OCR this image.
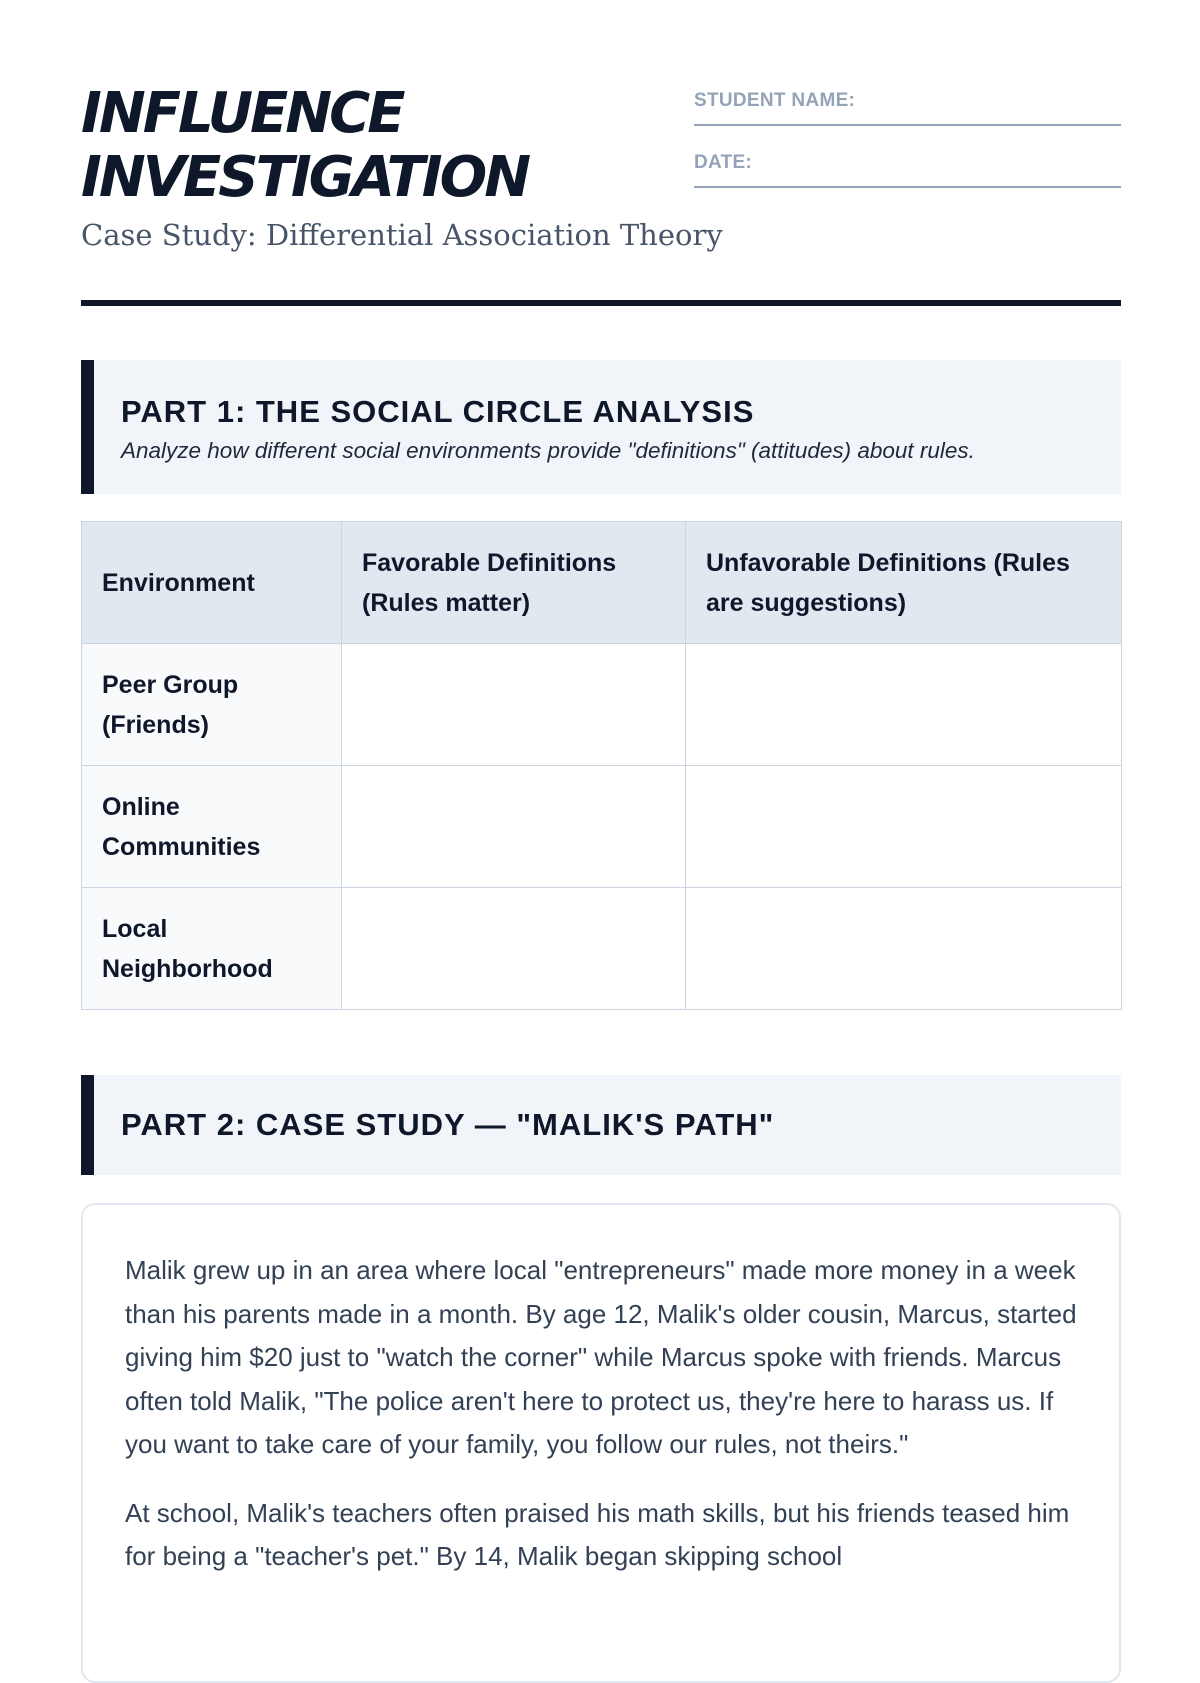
INFLUENCE
INVESTIGATION
Case Study: Differential Association Theory
STUDENT NAME:
DATE:
PART 1: THE SOCIAL CIRCLE ANALYSIS

Analyze how different social environments provide "definitions" (attitudes) about rules.

Environment	Favorable Definitions (Rules matter)	Unfavorable Definitions (Rules are suggestions)
Peer Group (Friends)		
Online Communities		
Local Neighborhood		
PART 2: CASE STUDY — "MALIK'S PATH"

Malik grew up in an area where local "entrepreneurs" made more money in a week than his parents made in a month. By age 12, Malik's older cousin, Marcus, started giving him $20 just to "watch the corner" while Marcus spoke with friends. Marcus often told Malik, "The police aren't here to protect us, they're here to harass us. If you want to take care of your family, you follow our rules, not theirs."

At school, Malik's teachers often praised his math skills, but his friends teased him for being a "teacher's pet." By 14, Malik began skipping school
